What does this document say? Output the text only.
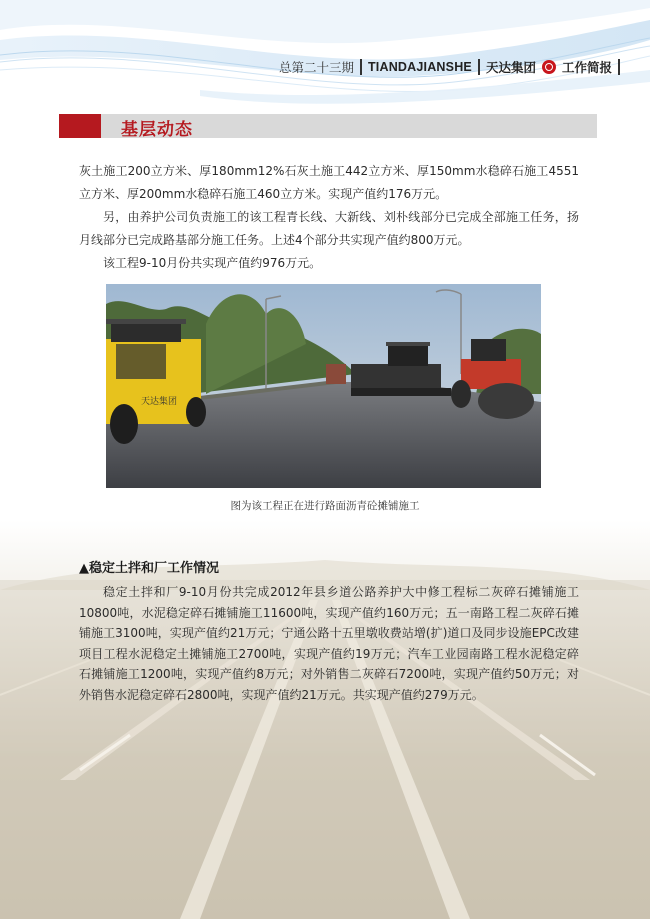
总第二十三期 TIANDAJIANSHE 天达集团 工作简报
基层动态

灰土施工200立方米、厚180mm12%石灰土施工442立方米、厚150mm水稳碎石施工4551立方米、厚200mm水稳碎石施工460立方米。实现产值约176万元。

另，由养护公司负责施工的该工程青长线、大新线、刘朴线部分已完成全部施工任务，扬月线部分已完成路基部分施工任务。上述4个部分共实现产值约800万元。

该工程9-10月份共实现产值约976万元。

天达集团
图为该工程正在进行路面沥青砼摊铺施工
▲稳定土拌和厂工作情况

稳定土拌和厂9-10月份共完成2012年县乡道公路养护大中修工程标二灰碎石摊铺施工10800吨，水泥稳定碎石摊铺施工11600吨，实现产值约160万元；五一南路工程二灰碎石摊铺施工3100吨，实现产值约21万元；宁通公路十五里墩收费站增(扩)道口及同步设施EPC改建项目工程水泥稳定土摊铺施工2700吨，实现产值约19万元；汽车工业园南路工程水泥稳定碎石摊铺施工1200吨，实现产值约8万元；对外销售二灰碎石7200吨，实现产值约50万元；对外销售水泥稳定碎石2800吨，实现产值约21万元。共实现产值约279万元。
